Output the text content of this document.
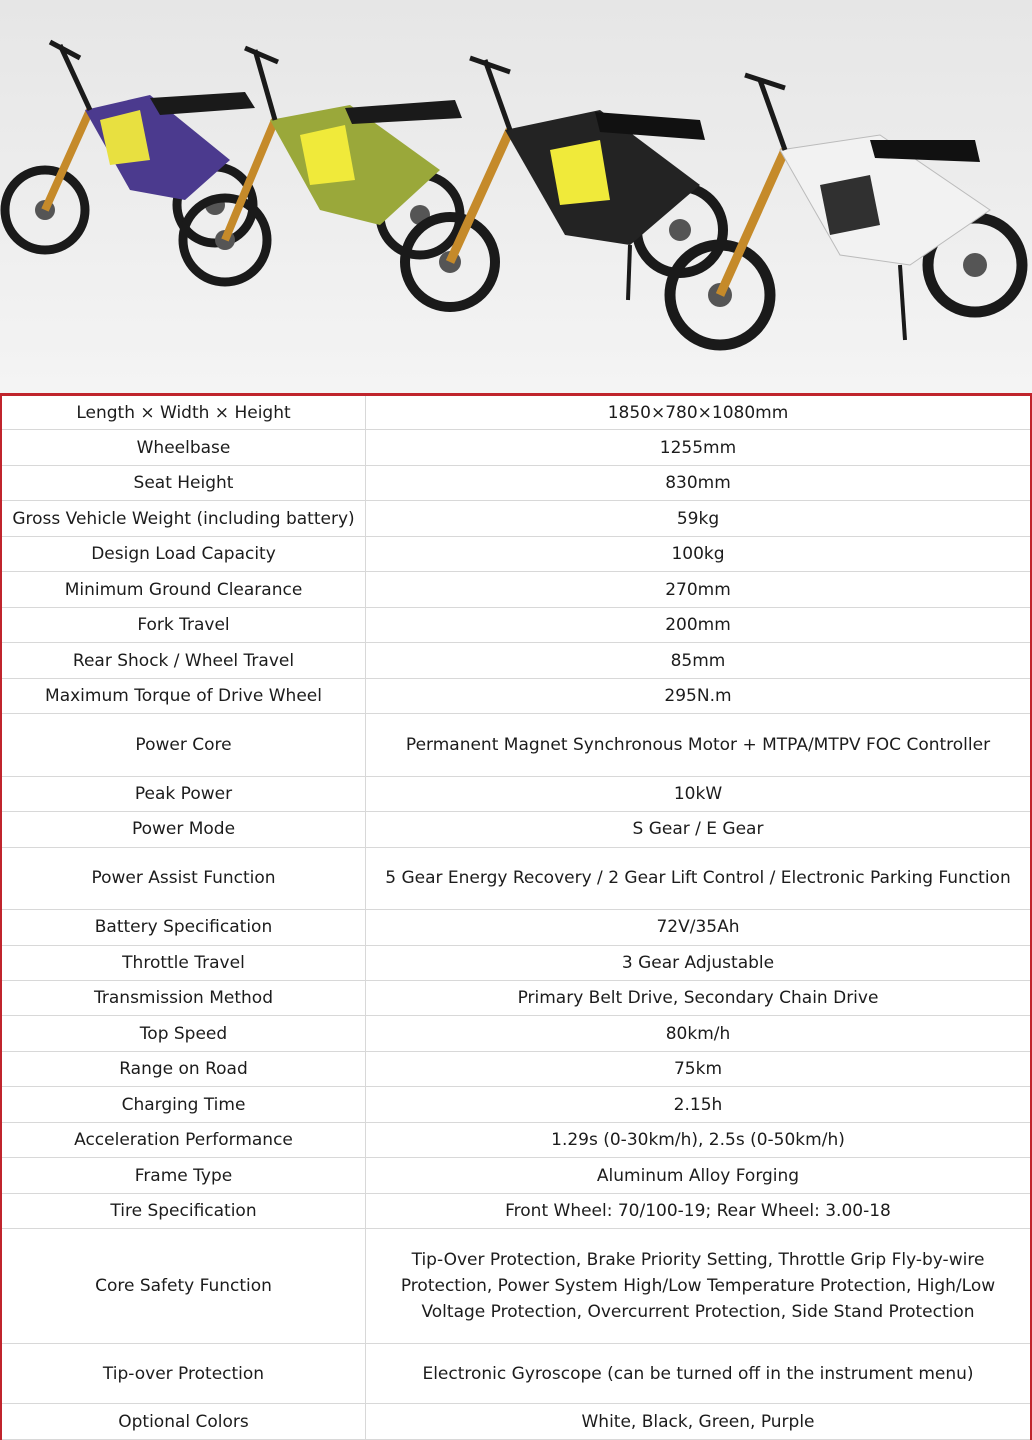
Length × Width × Height	1850×780×1080mm
Wheelbase	1255mm
Seat Height	830mm
Gross Vehicle Weight (including battery)	59kg
Design Load Capacity	100kg
Minimum Ground Clearance	270mm
Fork Travel	200mm
Rear Shock / Wheel Travel	85mm
Maximum Torque of Drive Wheel	295N.m
Power Core	Permanent Magnet Synchronous Motor + MTPA/MTPV FOC Controller
Peak Power	10kW
Power Mode	S Gear / E Gear
Power Assist Function	5 Gear Energy Recovery / 2 Gear Lift Control / Electronic Parking Function
Battery Specification	72V/35Ah
Throttle Travel	3 Gear Adjustable
Transmission Method	Primary Belt Drive, Secondary Chain Drive
Top Speed	80km/h
Range on Road	75km
Charging Time	2.15h
Acceleration Performance	1.29s (0-30km/h), 2.5s (0-50km/h)
Frame Type	Aluminum Alloy Forging
Tire Specification	Front Wheel: 70/100-19; Rear Wheel: 3.00-18
Core Safety Function	Tip-Over Protection, Brake Priority Setting, Throttle Grip Fly-by-wire Protection, Power System High/Low Temperature Protection, High/Low Voltage Protection, Overcurrent Protection, Side Stand Protection
Tip-over Protection	Electronic Gyroscope (can be turned off in the instrument menu)
Optional Colors	White, Black, Green, Purple
